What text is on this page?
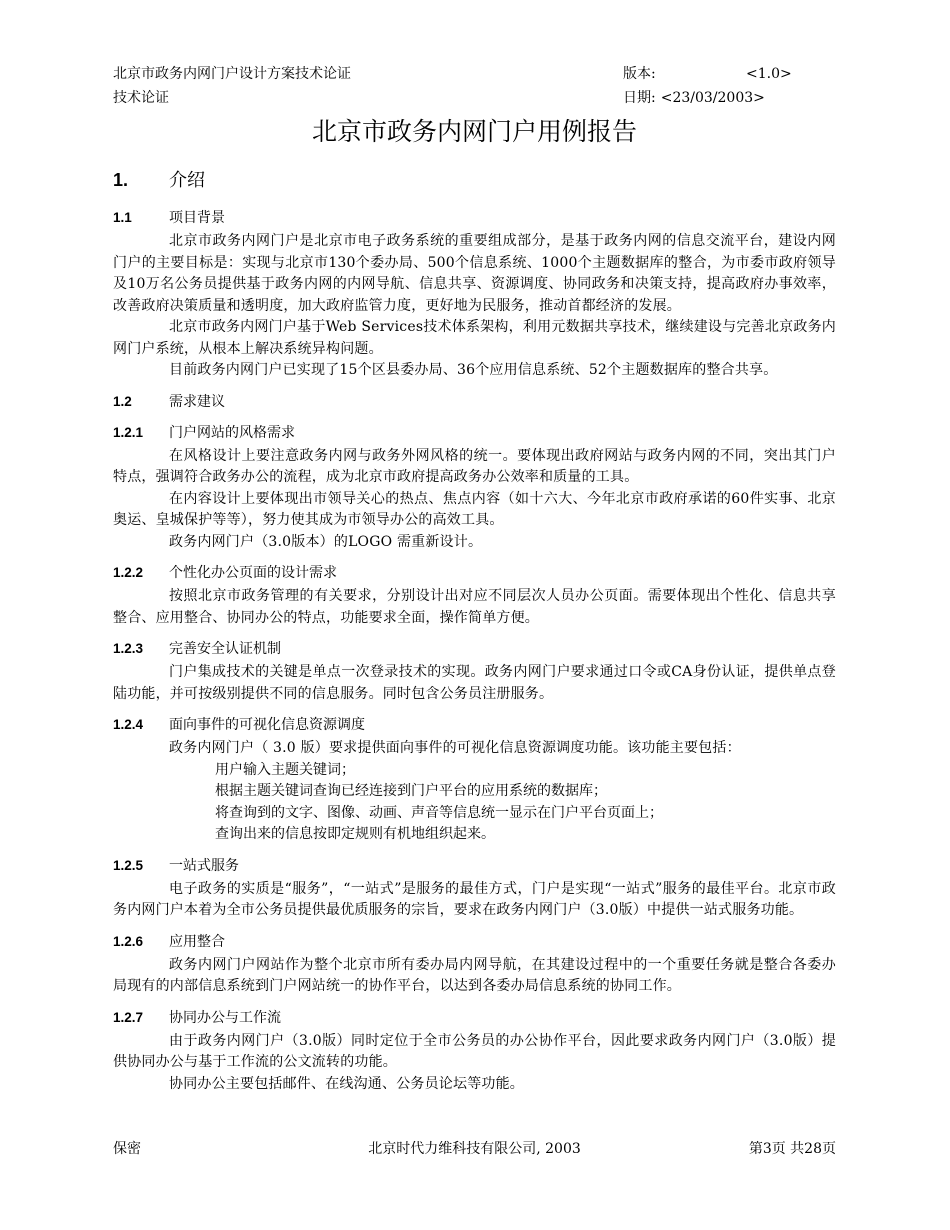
北京市政务内网门户设计方案技术论证
技术论证
版本:	<1.0>
日期: <23/03/2003>
北京市政务内网门户用例报告
1.	介绍
1.1	项目背景

北京市政务内网门户是北京市电子政务系统的重要组成部分，是基于政务内网的信息交流平台，建设内网门户的主要目标是：实现与北京市130个委办局、500个信息系统、1000个主题数据库的整合，为市委市政府领导及10万名公务员提供基于政务内网的内网导航、信息共享、资源调度、协同政务和决策支持，提高政府办事效率，改善政府决策质量和透明度，加大政府监管力度，更好地为民服务，推动首都经济的发展。

北京市政务内网门户基于Web Services技术体系架构，利用元数据共享技术，继续建设与完善北京政务内网门户系统，从根本上解决系统异构问题。

目前政务内网门户已实现了15个区县委办局、36个应用信息系统、52个主题数据库的整合共享。

1.2	需求建议
1.2.1	门户网站的风格需求

在风格设计上要注意政务内网与政务外网风格的统一。要体现出政府网站与政务内网的不同，突出其门户特点，强调符合政务办公的流程，成为北京市政府提高政务办公效率和质量的工具。

在内容设计上要体现出市领导关心的热点、焦点内容（如十六大、今年北京市政府承诺的60件实事、北京奥运、皇城保护等等），努力使其成为市领导办公的高效工具。

政务内网门户（3.0版本）的LOGO 需重新设计。

1.2.2	个性化办公页面的设计需求

按照北京市政务管理的有关要求，分别设计出对应不同层次人员办公页面。需要体现出个性化、信息共享整合、应用整合、协同办公的特点，功能要求全面，操作简单方便。

1.2.3	完善安全认证机制

门户集成技术的关键是单点一次登录技术的实现。政务内网门户要求通过口令或CA身份认证，提供单点登陆功能，并可按级别提供不同的信息服务。同时包含公务员注册服务。

1.2.4	面向事件的可视化信息资源调度

政务内网门户（ 3.0 版）要求提供面向事件的可视化信息资源调度功能。该功能主要包括：

用户输入主题关键词；
根据主题关键词查询已经连接到门户平台的应用系统的数据库；
将查询到的文字、图像、动画、声音等信息统一显示在门户平台页面上；
查询出来的信息按即定规则有机地组织起来。
1.2.5	一站式服务

电子政务的实质是“服务”，“一站式”是服务的最佳方式，门户是实现“一站式”服务的最佳平台。北京市政务内网门户本着为全市公务员提供最优质服务的宗旨，要求在政务内网门户（3.0版）中提供一站式服务功能。

1.2.6	应用整合

政务内网门户网站作为整个北京市所有委办局内网导航，在其建设过程中的一个重要任务就是整合各委办局现有的内部信息系统到门户网站统一的协作平台，以达到各委办局信息系统的协同工作。

1.2.7	协同办公与工作流

由于政务内网门户（3.0版）同时定位于全市公务员的办公协作平台，因此要求政务内网门户（3.0版）提供协同办公与基于工作流的公文流转的功能。

协同办公主要包括邮件、在线沟通、公务员论坛等功能。

保密	北京时代力维科技有限公司, 2003	第3页 共28页
